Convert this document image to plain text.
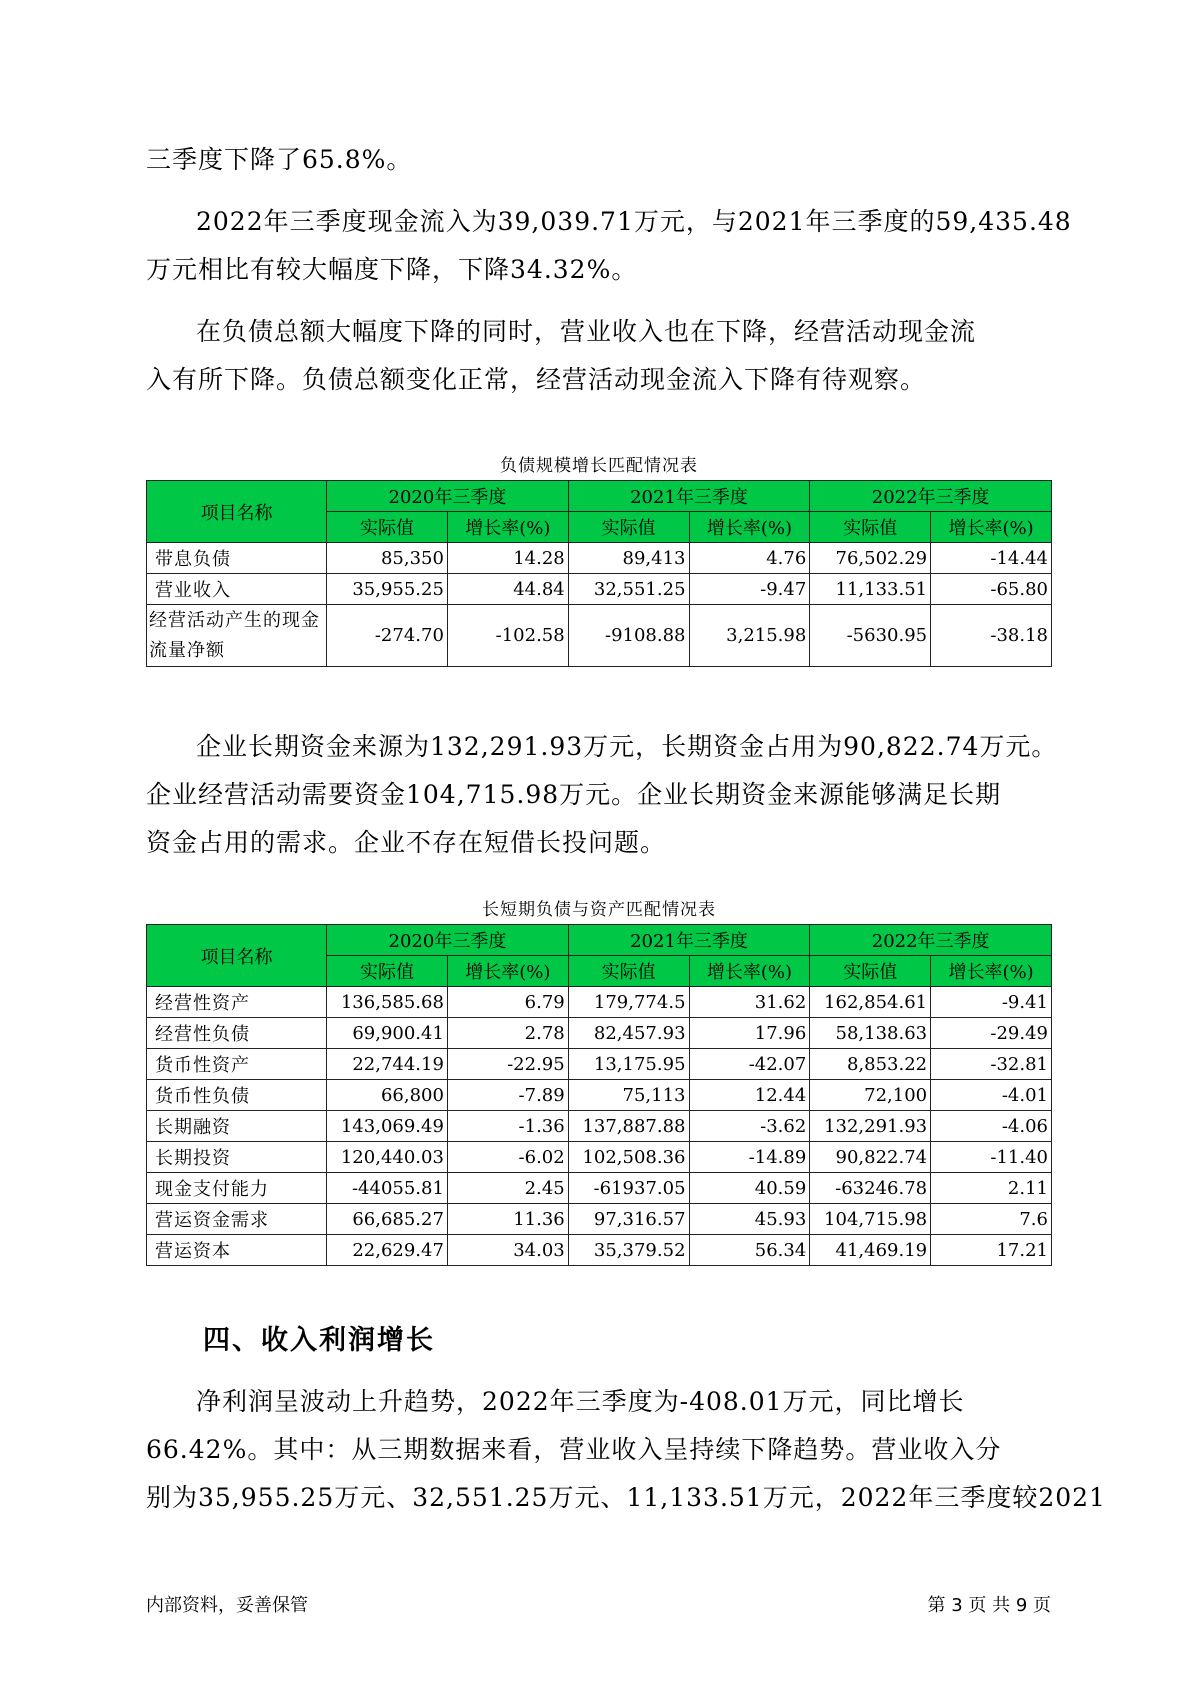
三季度下降了65.8%。

2022年三季度现金流入为39,039.71万元，与2021年三季度的59,435.48
万元相比有较大幅度下降，下降34.32%。

在负债总额大幅度下降的同时，营业收入也在下降，经营活动现金流
入有所下降。负债总额变化正常，经营活动现金流入下降有待观察。

负债规模增长匹配情况表
项目名称	2020年三季度		2021年三季度		2022年三季度	
	实际值	增长率(%)	实际值	增长率(%)	实际值	增长率(%)
带息负债	85,350	14.28	89,413	4.76	76,502.29	-14.44
营业收入	35,955.25	44.84	32,551.25	-9.47	11,133.51	-65.80
经营活动产生的现金流量净额	-274.70	-102.58	-9108.88	3,215.98	-5630.95	-38.18

企业长期资金来源为132,291.93万元，长期资金占用为90,822.74万元。
企业经营活动需要资金104,715.98万元。企业长期资金来源能够满足长期
资金占用的需求。企业不存在短借长投问题。

长短期负债与资产匹配情况表
项目名称	2020年三季度		2021年三季度		2022年三季度	
	实际值	增长率(%)	实际值	增长率(%)	实际值	增长率(%)
经营性资产	136,585.68	6.79	179,774.5	31.62	162,854.61	-9.41
经营性负债	69,900.41	2.78	82,457.93	17.96	58,138.63	-29.49
货币性资产	22,744.19	-22.95	13,175.95	-42.07	8,853.22	-32.81
货币性负债	66,800	-7.89	75,113	12.44	72,100	-4.01
长期融资	143,069.49	-1.36	137,887.88	-3.62	132,291.93	-4.06
长期投资	120,440.03	-6.02	102,508.36	-14.89	90,822.74	-11.40
现金支付能力	-44055.81	2.45	-61937.05	40.59	-63246.78	2.11
营运资金需求	66,685.27	11.36	97,316.57	45.93	104,715.98	7.6
营运资本	22,629.47	34.03	35,379.52	56.34	41,469.19	17.21
四、收入利润增长

净利润呈波动上升趋势，2022年三季度为-408.01万元，同比增长
66.42%。其中：从三期数据来看，营业收入呈持续下降趋势。营业收入分
别为35,955.25万元、32,551.25万元、11,133.51万元，2022年三季度较2021

内部资料，妥善保管	第 3 页 共 9 页
